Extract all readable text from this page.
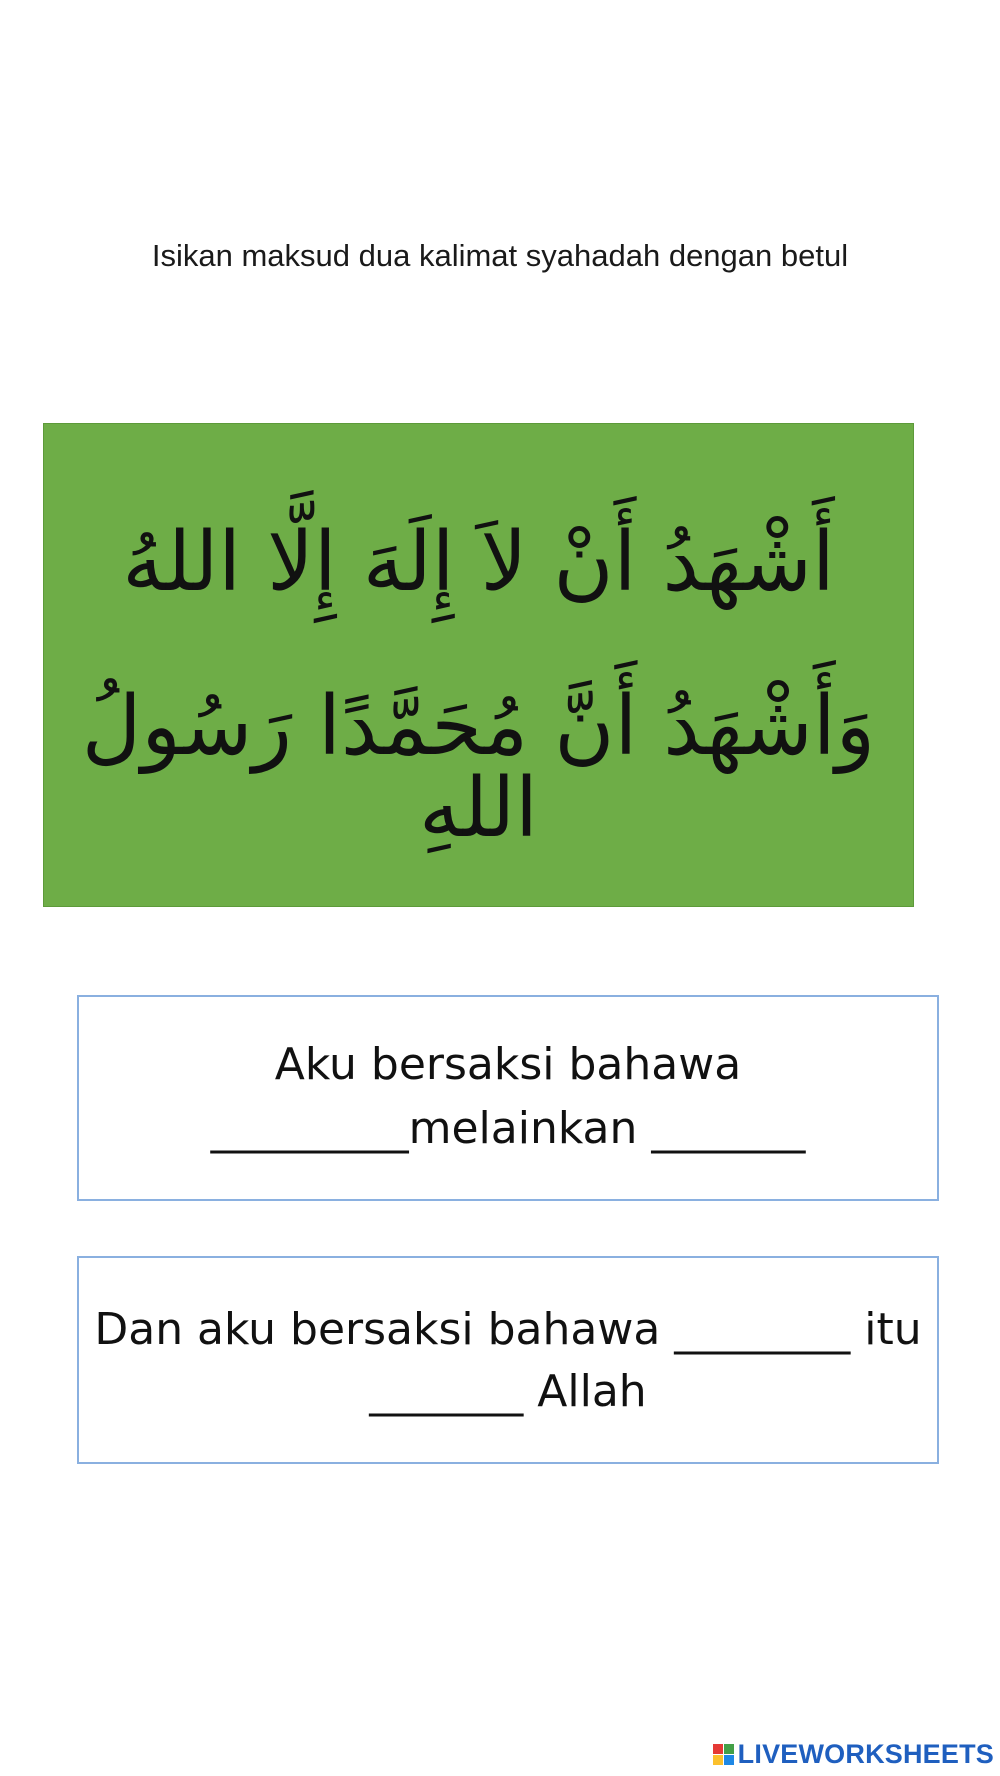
Isikan maksud dua kalimat syahadah dengan betul
أَشْهَدُ أَنْ لاَ إِلَهَ إِلَّا اللهُ
وَأَشْهَدُ أَنَّ مُحَمَّدًا رَسُولُ اللهِ
Aku bersaksi bahawa
_________melainkan _______
Dan aku bersaksi bahawa ________ itu
_______ Allah
LIVEWORKSHEETS
